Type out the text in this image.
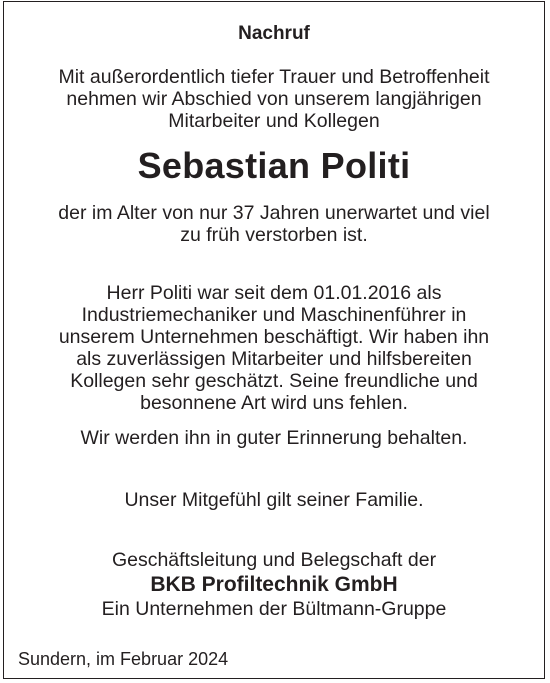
Nachruf

Mit außerordentlich tiefer Trauer und Betroffenheit
nehmen wir Abschied von unserem langjährigen
Mitarbeiter und Kollegen

Sebastian Politi

der im Alter von nur 37 Jahren unerwartet und viel
zu früh verstorben ist.
Herr Politi war seit dem 01.01.2016 als
Industriemechaniker und Maschinenführer in
unserem Unternehmen beschäftigt. Wir haben ihn
als zuverlässigen Mitarbeiter und hilfsbereiten
Kollegen sehr geschätzt. Seine freundliche und
besonnene Art wird uns fehlen.

Wir werden ihn in guter Erinnerung behalten.

Unser Mitgefühl gilt seiner Familie.

Geschäftsleitung und Belegschaft der

BKB Profiltechnik GmbH

Ein Unternehmen der Bültmann-Gruppe

Sundern, im Februar 2024
